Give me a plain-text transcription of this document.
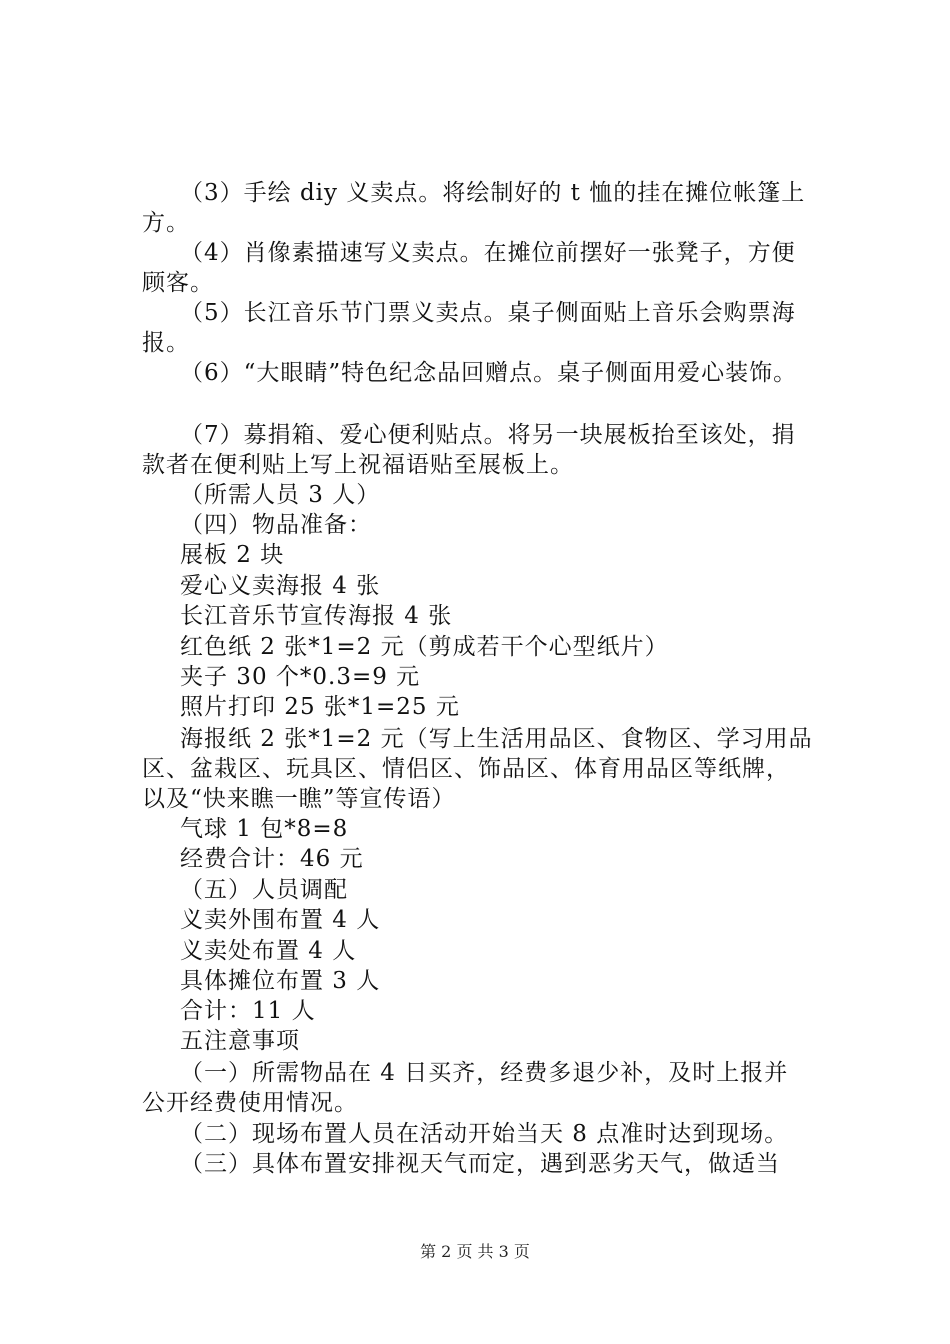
（3）手绘 diy 义卖点。将绘制好的 t 恤的挂在摊位帐篷上
方。
（4）肖像素描速写义卖点。在摊位前摆好一张凳子，方便
顾客。
（5）长江音乐节门票义卖点。桌子侧面贴上音乐会购票海
报。
（6）“大眼睛”特色纪念品回赠点。桌子侧面用爱心装饰。
（7）募捐箱、爱心便利贴点。将另一块展板抬至该处，捐
款者在便利贴上写上祝福语贴至展板上。
（所需人员 3 人）
（四）物品准备：
展板 2 块
爱心义卖海报 4 张
长江音乐节宣传海报 4 张
红色纸 2 张*1=2 元（剪成若干个心型纸片）
夹子 30 个*0.3=9 元
照片打印 25 张*1=25 元
海报纸 2 张*1=2 元（写上生活用品区、食物区、学习用品
区、盆栽区、玩具区、情侣区、饰品区、体育用品区等纸牌，
以及“快来瞧一瞧”等宣传语）
气球 1 包*8=8
经费合计：46 元
（五）人员调配
义卖外围布置 4 人
义卖处布置 4 人
具体摊位布置 3 人
合计：11 人
五注意事项
（一）所需物品在 4 日买齐，经费多退少补，及时上报并
公开经费使用情况。
（二）现场布置人员在活动开始当天 8 点准时达到现场。
（三）具体布置安排视天气而定，遇到恶劣天气，做适当
第 2 页 共 3 页
